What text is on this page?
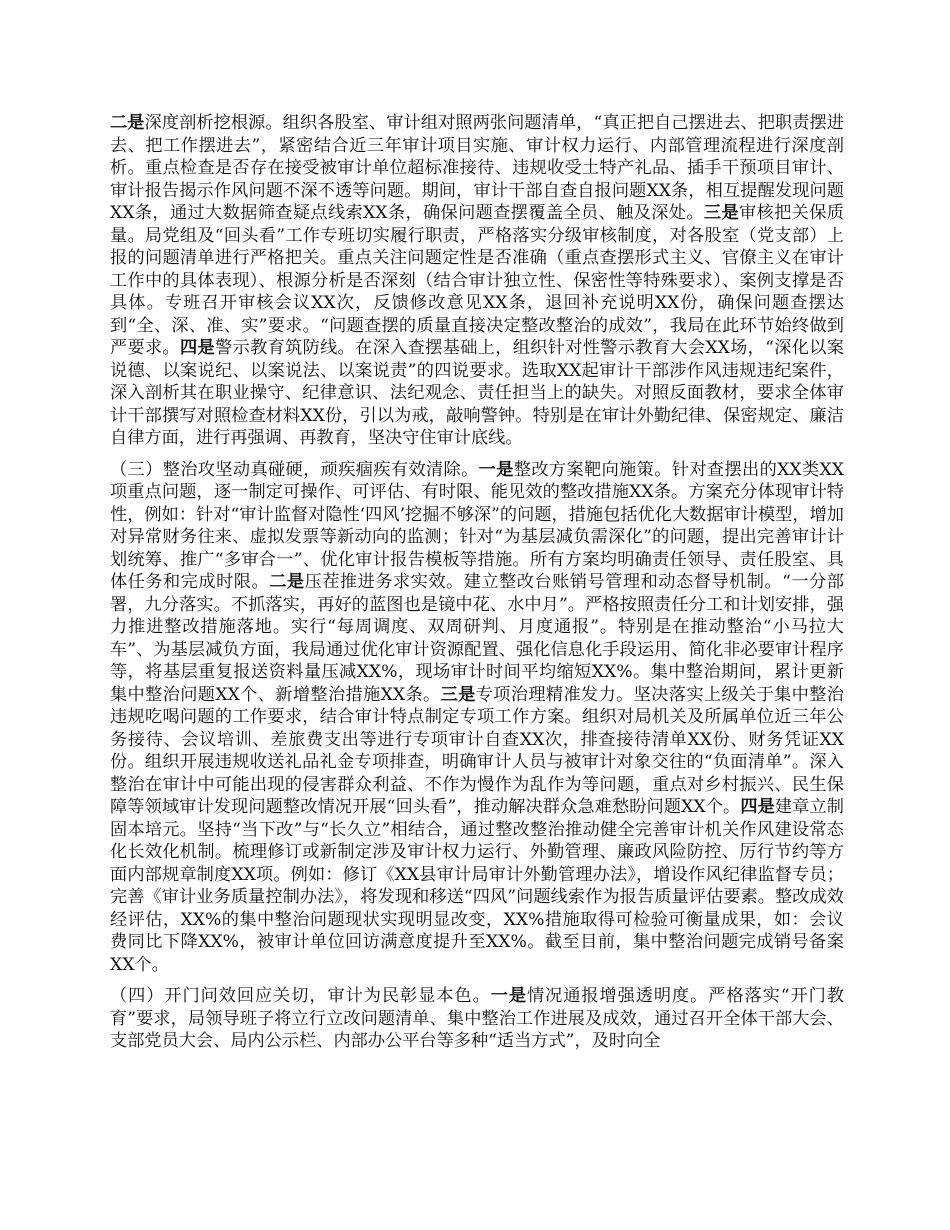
二是深度剖析挖根源。组织各股室、审计组对照两张问题清单，“真正把自己摆进去、把职责摆进去、把工作摆进去”，紧密结合近三年审计项目实施、审计权力运行、内部管理流程进行深度剖析。重点检查是否存在接受被审计单位超标准接待、违规收受土特产礼品、插手干预项目审计、审计报告揭示作风问题不深不透等问题。期间，审计干部自查自报问题XX条，相互提醒发现问题XX条，通过大数据筛查疑点线索XX条，确保问题查摆覆盖全员、触及深处。三是审核把关保质量。局党组及“回头看”工作专班切实履行职责，严格落实分级审核制度，对各股室（党支部）上报的问题清单进行严格把关。重点关注问题定性是否准确（重点查摆形式主义、官僚主义在审计工作中的具体表现）、根源分析是否深刻（结合审计独立性、保密性等特殊要求）、案例支撑是否具体。专班召开审核会议XX次，反馈修改意见XX条，退回补充说明XX份，确保问题查摆达到“全、深、准、实”要求。“问题查摆的质量直接决定整改整治的成效”，我局在此环节始终做到严要求。四是警示教育筑防线。在深入查摆基础上，组织针对性警示教育大会XX场，“深化以案说德、以案说纪、以案说法、以案说责”的四说要求。选取XX起审计干部涉作风违规违纪案件，深入剖析其在职业操守、纪律意识、法纪观念、责任担当上的缺失。对照反面教材，要求全体审计干部撰写对照检查材料XX份，引以为戒，敲响警钟。特别是在审计外勤纪律、保密规定、廉洁自律方面，进行再强调、再教育，坚决守住审计底线。

（三）整治攻坚动真碰硬，顽疾痼疾有效清除。一是整改方案靶向施策。针对查摆出的XX类XX项重点问题，逐一制定可操作、可评估、有时限、能见效的整改措施XX条。方案充分体现审计特性，例如：针对“审计监督对隐性‘四风’挖掘不够深”的问题，措施包括优化大数据审计模型，增加对异常财务往来、虚拟发票等新动向的监测；针对“为基层减负需深化”的问题，提出完善审计计划统筹、推广“多审合一”、优化审计报告模板等措施。所有方案均明确责任领导、责任股室、具体任务和完成时限。二是压茬推进务求实效。建立整改台账销号管理和动态督导机制。“一分部署，九分落实。不抓落实，再好的蓝图也是镜中花、水中月”。严格按照责任分工和计划安排，强力推进整改措施落地。实行“每周调度、双周研判、月度通报”。特别是在推动整治“小马拉大车”、为基层减负方面，我局通过优化审计资源配置、强化信息化手段运用、简化非必要审计程序等，将基层重复报送资料量压减XX%，现场审计时间平均缩短XX%。集中整治期间，累计更新集中整治问题XX个、新增整治措施XX条。三是专项治理精准发力。坚决落实上级关于集中整治违规吃喝问题的工作要求，结合审计特点制定专项工作方案。组织对局机关及所属单位近三年公务接待、会议培训、差旅费支出等进行专项审计自查XX次，排查接待清单XX份、财务凭证XX份。组织开展违规收送礼品礼金专项排查，明确审计人员与被审计对象交往的“负面清单”。深入整治在审计中可能出现的侵害群众利益、不作为慢作为乱作为等问题，重点对乡村振兴、民生保障等领域审计发现问题整改情况开展“回头看”，推动解决群众急难愁盼问题XX个。四是建章立制固本培元。坚持“当下改”与“长久立”相结合，通过整改整治推动健全完善审计机关作风建设常态化长效化机制。梳理修订或新制定涉及审计权力运行、外勤管理、廉政风险防控、厉行节约等方面内部规章制度XX项。例如：修订《XX县审计局审计外勤管理办法》，增设作风纪律监督专员；完善《审计业务质量控制办法》，将发现和移送“四风”问题线索作为报告质量评估要素。整改成效经评估，XX%的集中整治问题现状实现明显改变，XX%措施取得可检验可衡量成果，如：会议费同比下降XX%，被审计单位回访满意度提升至XX%。截至目前，集中整治问题完成销号备案XX个。

（四）开门问效回应关切，审计为民彰显本色。一是情况通报增强透明度。严格落实“开门教育”要求，局领导班子将立行立改问题清单、集中整治工作进展及成效，通过召开全体干部大会、支部党员大会、局内公示栏、内部办公平台等多种“适当方式”，及时向全
